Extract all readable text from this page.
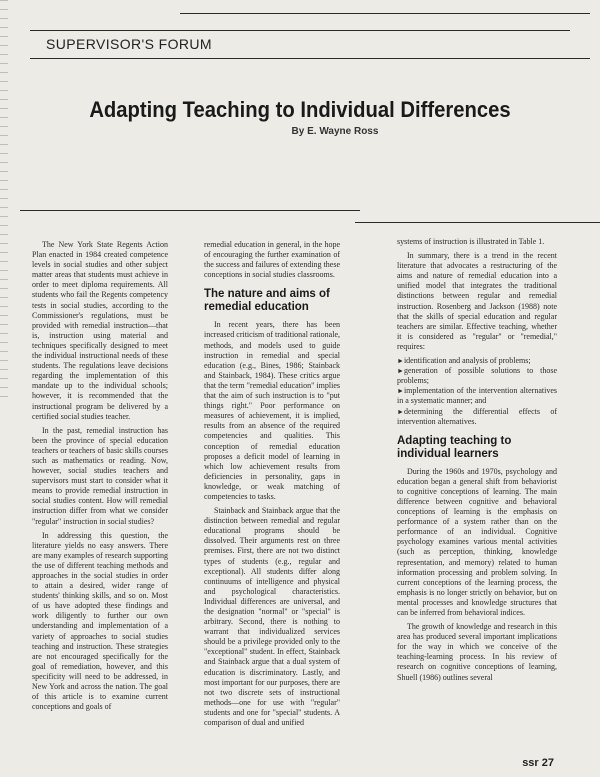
SUPERVISOR'S FORUM
Adapting Teaching to Individual Differences
By E. Wayne Ross

The New York State Regents Action Plan enacted in 1984 created competence levels in social studies and other subject matter areas that students must achieve in order to meet diploma requirements. All students who fail the Regents competency tests in social studies, according to the Commissioner's regulations, must be provided with remedial instruction—that is, instruction using material and techniques specifically designed to meet the individual instructional needs of these students. The regulations leave decisions regarding the implementation of this mandate up to the individual schools; however, it is recommended that the instructional program be delivered by a certified social studies teacher.

In the past, remedial instruction has been the province of special education teachers or teachers of basic skills courses such as mathematics or reading. Now, however, social studies teachers and supervisors must start to consider what it means to provide remedial instruction in social studies content. How will remedial instruction differ from what we consider "regular" instruction in social studies?

In addressing this question, the literature yields no easy answers. There are many examples of research supporting the use of different teaching methods and approaches in the social studies in order to attain a desired, wider range of students' thinking skills, and so on. Most of us have adopted these findings and work diligently to further our own understanding and implementation of a variety of approaches to social studies teaching and instruction. These strategies are not encouraged specifically for the goal of remediation, however, and this specificity will need to be addressed, in New York and across the nation. The goal of this article is to examine current conceptions and goals of

remedial education in general, in the hope of encouraging the further examination of the success and failures of extending these conceptions in social studies classrooms.

The nature and aims of remedial education

In recent years, there has been increased criticism of traditional rationale, methods, and models used to guide instruction in remedial and special education (e.g., Bines, 1986; Stainback and Stainback, 1984). These critics argue that the term "remedial education" implies that the aim of such instruction is to "put things right." Poor performance on measures of achievement, it is implied, results from an absence of the required competencies and qualities. This conception of remedial education proposes a deficit model of learning in which low achievement results from deficiencies in personality, gaps in knowledge, or weak matching of competencies to tasks.

Stainback and Stainback argue that the distinction between remedial and regular educational programs should be dissolved. Their arguments rest on three premises. First, there are not two distinct types of students (e.g., regular and exceptional). All students differ along continuums of intelligence and physical and psychological characteristics. Individual differences are universal, and the designation "normal" or "special" is arbitrary. Second, there is nothing to warrant that individualized services should be a privilege provided only to the "exceptional" student. In effect, Stainback and Stainback argue that a dual system of education is discriminatory. Lastly, and most important for our purposes, there are not two discrete sets of instructional methods—one for use with "regular" students and one for "special" students. A comparison of dual and unified

systems of instruction is illustrated in Table 1.

In summary, there is a trend in the recent literature that advocates a restructuring of the aims and nature of remedial education into a unified model that integrates the traditional distinctions between regular and remedial instruction. Rosenberg and Jackson (1988) note that the skills of special education and regular teachers are similar. Effective teaching, whether it is considered as "regular" or "remedial," requires:

►identification and analysis of problems;
►generation of possible solutions to those problems;
►implementation of the intervention alternatives in a systematic manner; and
►determining the differential effects of intervention alternatives.
Adapting teaching to individual learners

During the 1960s and 1970s, psychology and education began a general shift from behaviorist to cognitive conceptions of learning. The main difference between cognitive and behavioral conceptions of learning is the emphasis on performance of a system rather than on the performance of an individual. Cognitive psychology examines various mental activities (such as perception, thinking, knowledge representation, and memory) related to human information processing and problem solving. In current conceptions of the learning process, the emphasis is no longer strictly on behavior, but on mental processes and knowledge structures that can be inferred from behavioral indices.

The growth of knowledge and research in this area has produced several important implications for the way in which we conceive of the teaching-learning process. In his review of research on cognitive conceptions of learning, Shuell (1986) outlines several

ssr 27
